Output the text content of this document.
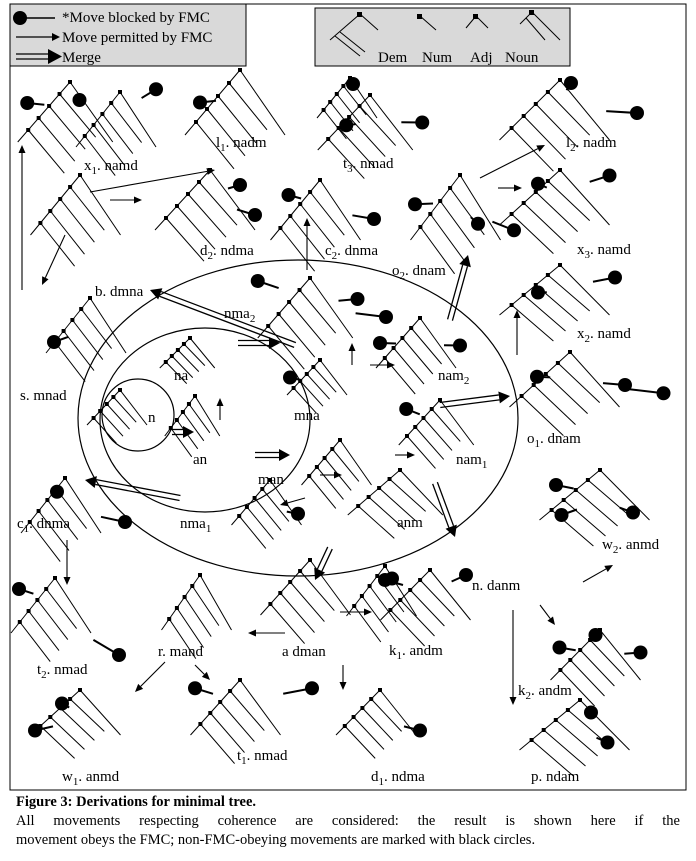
*Move blocked by FMC
Move permitted by FMC
Merge	Dem Num Adj Noun
$x_1$. namd
$l_1$. nadm
$t_3$. nmad
$l_2$. nadm
$d_2$. ndma	$c_2$. dnma	$x_3$. namd
$o_2$. dnam
b. dmna
nma$_2$
$x_2$. namd
s. mnad
na	nam$_2$
n	mna
$o_1$. dnam
an	nam$_1$
man
$c_1$. dnma	nma$_1$	anm
$w_2$. anmd
n. danm
$t_2$. nmad
r. mand	a dman	$k_1$. andm
$k_2$. andm
$t_1$. nmad
$w_1$. anmd	$d_1$. ndma	p. ndam
Figure 3: Derivations for minimal tree.
All movements respecting coherence are considered: the result is shown here if the
movement obeys the FMC; non-FMC-obeying movements are marked with black circles.
